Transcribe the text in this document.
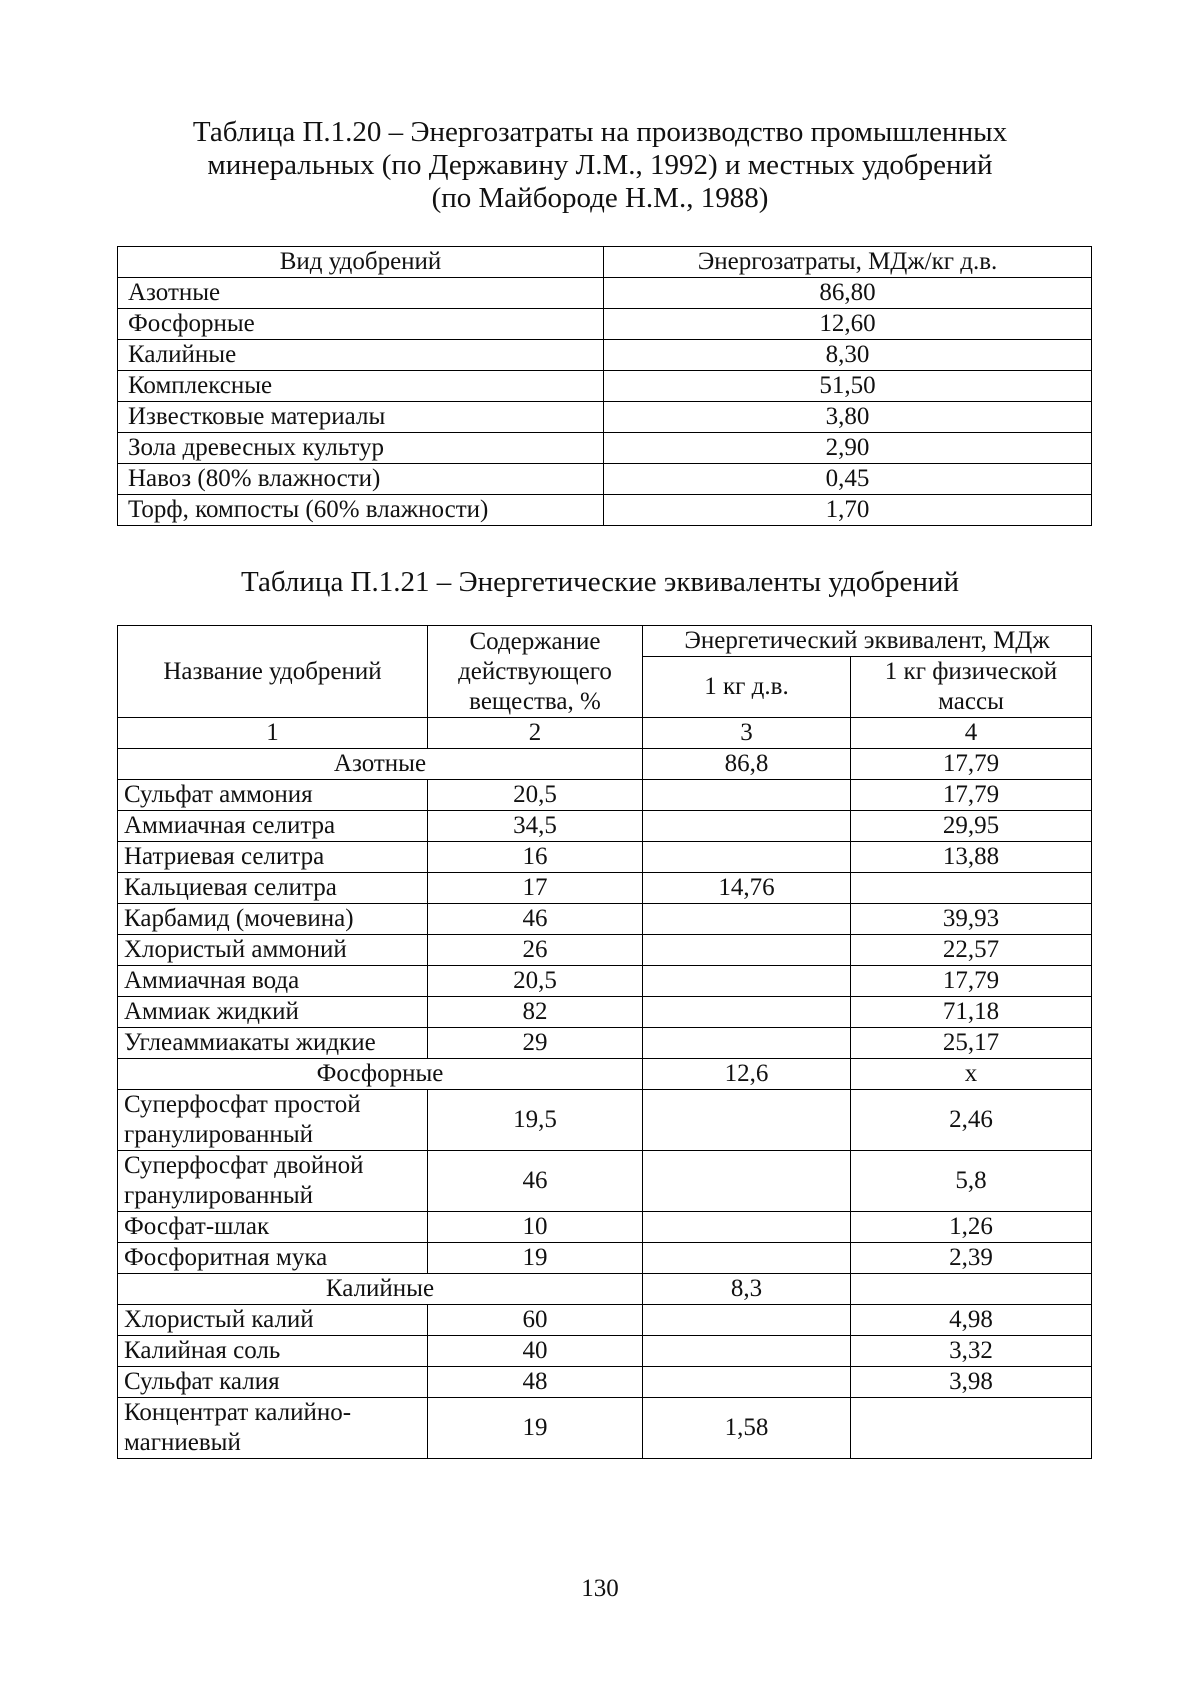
Таблица П.1.20 – Энергозатраты на производство промышленных
минеральных (по Державину Л.М., 1992) и местных удобрений
(по Майбороде Н.М., 1988)
Вид удобрений	Энергозатраты, МДж/кг д.в.
Азотные	86,80
Фосфорные	12,60
Калийные	8,30
Комплексные	51,50
Известковые материалы	3,80
Зола древесных культур	2,90
Навоз (80% влажности)	0,45
Торф, компосты (60% влажности)	1,70
Таблица П.1.21 – Энергетические эквиваленты удобрений
Название удобрений	Содержание действующего вещества, %	Энергетический эквивалент, МДж
1 кг д.в.	1 кг физической массы
1	2	3	4
Азотные	86,8	17,79
Сульфат аммония	20,5		17,79
Аммиачная селитра	34,5		29,95
Натриевая селитра	16		13,88
Кальциевая селитра	17	14,76	
Карбамид (мочевина)	46		39,93
Хлористый аммоний	26		22,57
Аммиачная вода	20,5		17,79
Аммиак жидкий	82		71,18
Углеаммиакаты жидкие	29		25,17
Фосфорные	12,6	х
Суперфосфат простой гранулированный	19,5		2,46
Суперфосфат двойной гранулированный	46		5,8
Фосфат-шлак	10		1,26
Фосфоритная мука	19		2,39
Калийные	8,3	
Хлористый калий	60		4,98
Калийная соль	40		3,32
Сульфат калия	48		3,98
Концентрат калийно-магниевый	19	1,58	
130
